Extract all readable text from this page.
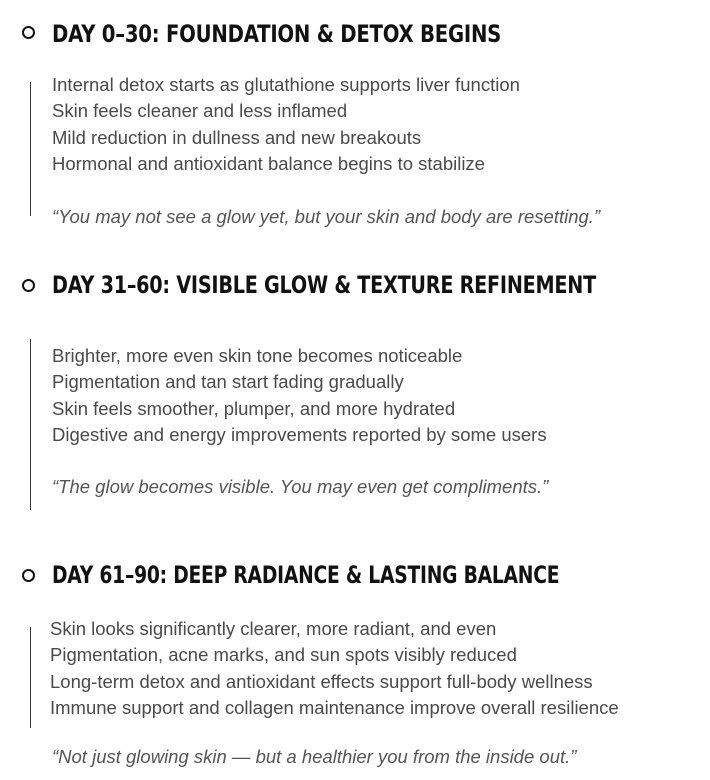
DAY 0–30: FOUNDATION & DETOX BEGINS
Internal detox starts as glutathione supports liver function
Skin feels cleaner and less inflamed
Mild reduction in dullness and new breakouts
Hormonal and antioxidant balance begins to stabilize

“You may not see a glow yet, but your skin and body are resetting.”

DAY 31–60: VISIBLE GLOW & TEXTURE REFINEMENT
Brighter, more even skin tone becomes noticeable
Pigmentation and tan start fading gradually
Skin feels smoother, plumper, and more hydrated
Digestive and energy improvements reported by some users

“The glow becomes visible. You may even get compliments.”

DAY 61–90: DEEP RADIANCE & LASTING BALANCE
Skin looks significantly clearer, more radiant, and even
Pigmentation, acne marks, and sun spots visibly reduced
Long-term detox and antioxidant effects support full-body wellness
Immune support and collagen maintenance improve overall resilience

“Not just glowing skin — but a healthier you from the inside out.”
